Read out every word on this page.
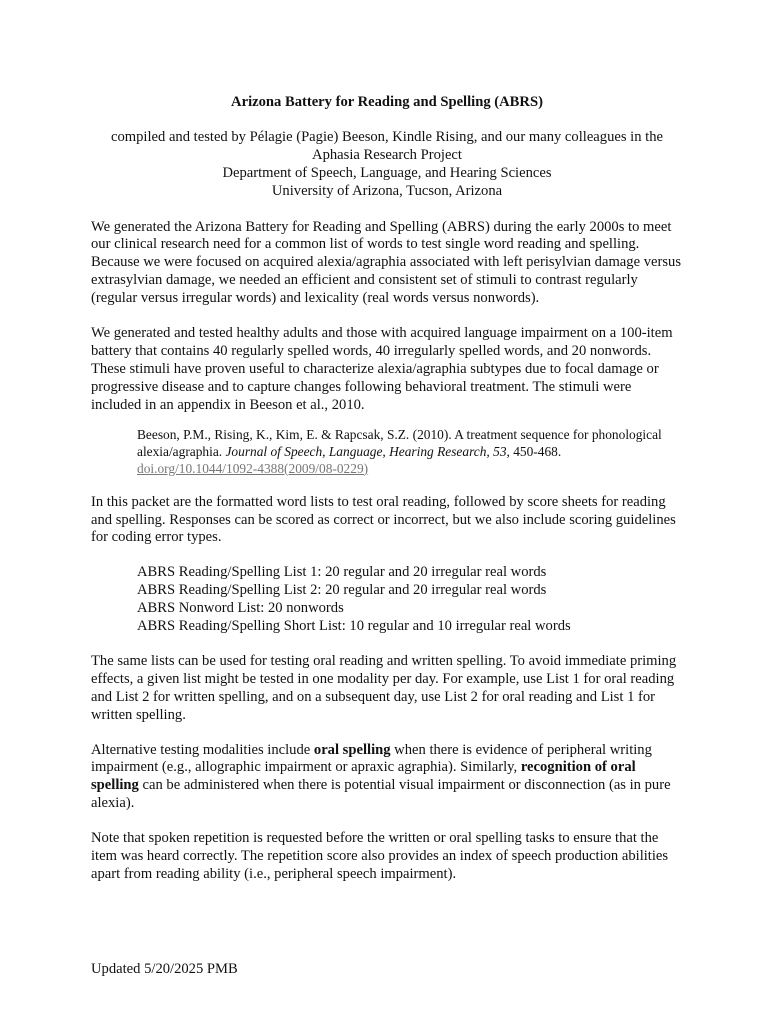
Arizona Battery for Reading and Spelling (ABRS)
compiled and tested by Pélagie (Pagie) Beeson, Kindle Rising, and our many colleagues in the Aphasia Research Project
Department of Speech, Language, and Hearing Sciences
University of Arizona, Tucson, Arizona

We generated the Arizona Battery for Reading and Spelling (ABRS) during the early 2000s to meet our clinical research need for a common list of words to test single word reading and spelling. Because we were focused on acquired alexia/agraphia associated with left perisylvian damage versus extrasylvian damage, we needed an efficient and consistent set of stimuli to contrast regularly (regular versus irregular words) and lexicality (real words versus nonwords).

We generated and tested healthy adults and those with acquired language impairment on a 100-item battery that contains 40 regularly spelled words, 40 irregularly spelled words, and 20 nonwords. These stimuli have proven useful to characterize alexia/agraphia subtypes due to focal damage or progressive disease and to capture changes following behavioral treatment. The stimuli were included in an appendix in Beeson et al., 2010.

Beeson, P.M., Rising, K., Kim, E. & Rapcsak, S.Z. (2010). A treatment sequence for phonological alexia/agraphia. Journal of Speech, Language, Hearing Research, 53, 450-468.
doi.org/10.1044/1092-4388(2009/08-0229)

In this packet are the formatted word lists to test oral reading, followed by score sheets for reading and spelling. Responses can be scored as correct or incorrect, but we also include scoring guidelines for coding error types.

ABRS Reading/Spelling List 1: 20 regular and 20 irregular real words
ABRS Reading/Spelling List 2: 20 regular and 20 irregular real words
ABRS Nonword List: 20 nonwords
ABRS Reading/Spelling Short List: 10 regular and 10 irregular real words

The same lists can be used for testing oral reading and written spelling. To avoid immediate priming effects, a given list might be tested in one modality per day. For example, use List 1 for oral reading and List 2 for written spelling, and on a subsequent day, use List 2 for oral reading and List 1 for written spelling.

Alternative testing modalities include oral spelling when there is evidence of peripheral writing impairment (e.g., allographic impairment or apraxic agraphia). Similarly, recognition of oral spelling can be administered when there is potential visual impairment or disconnection (as in pure alexia).

Note that spoken repetition is requested before the written or oral spelling tasks to ensure that the item was heard correctly. The repetition score also provides an index of speech production abilities apart from reading ability (i.e., peripheral speech impairment).

Updated 5/20/2025 PMB
